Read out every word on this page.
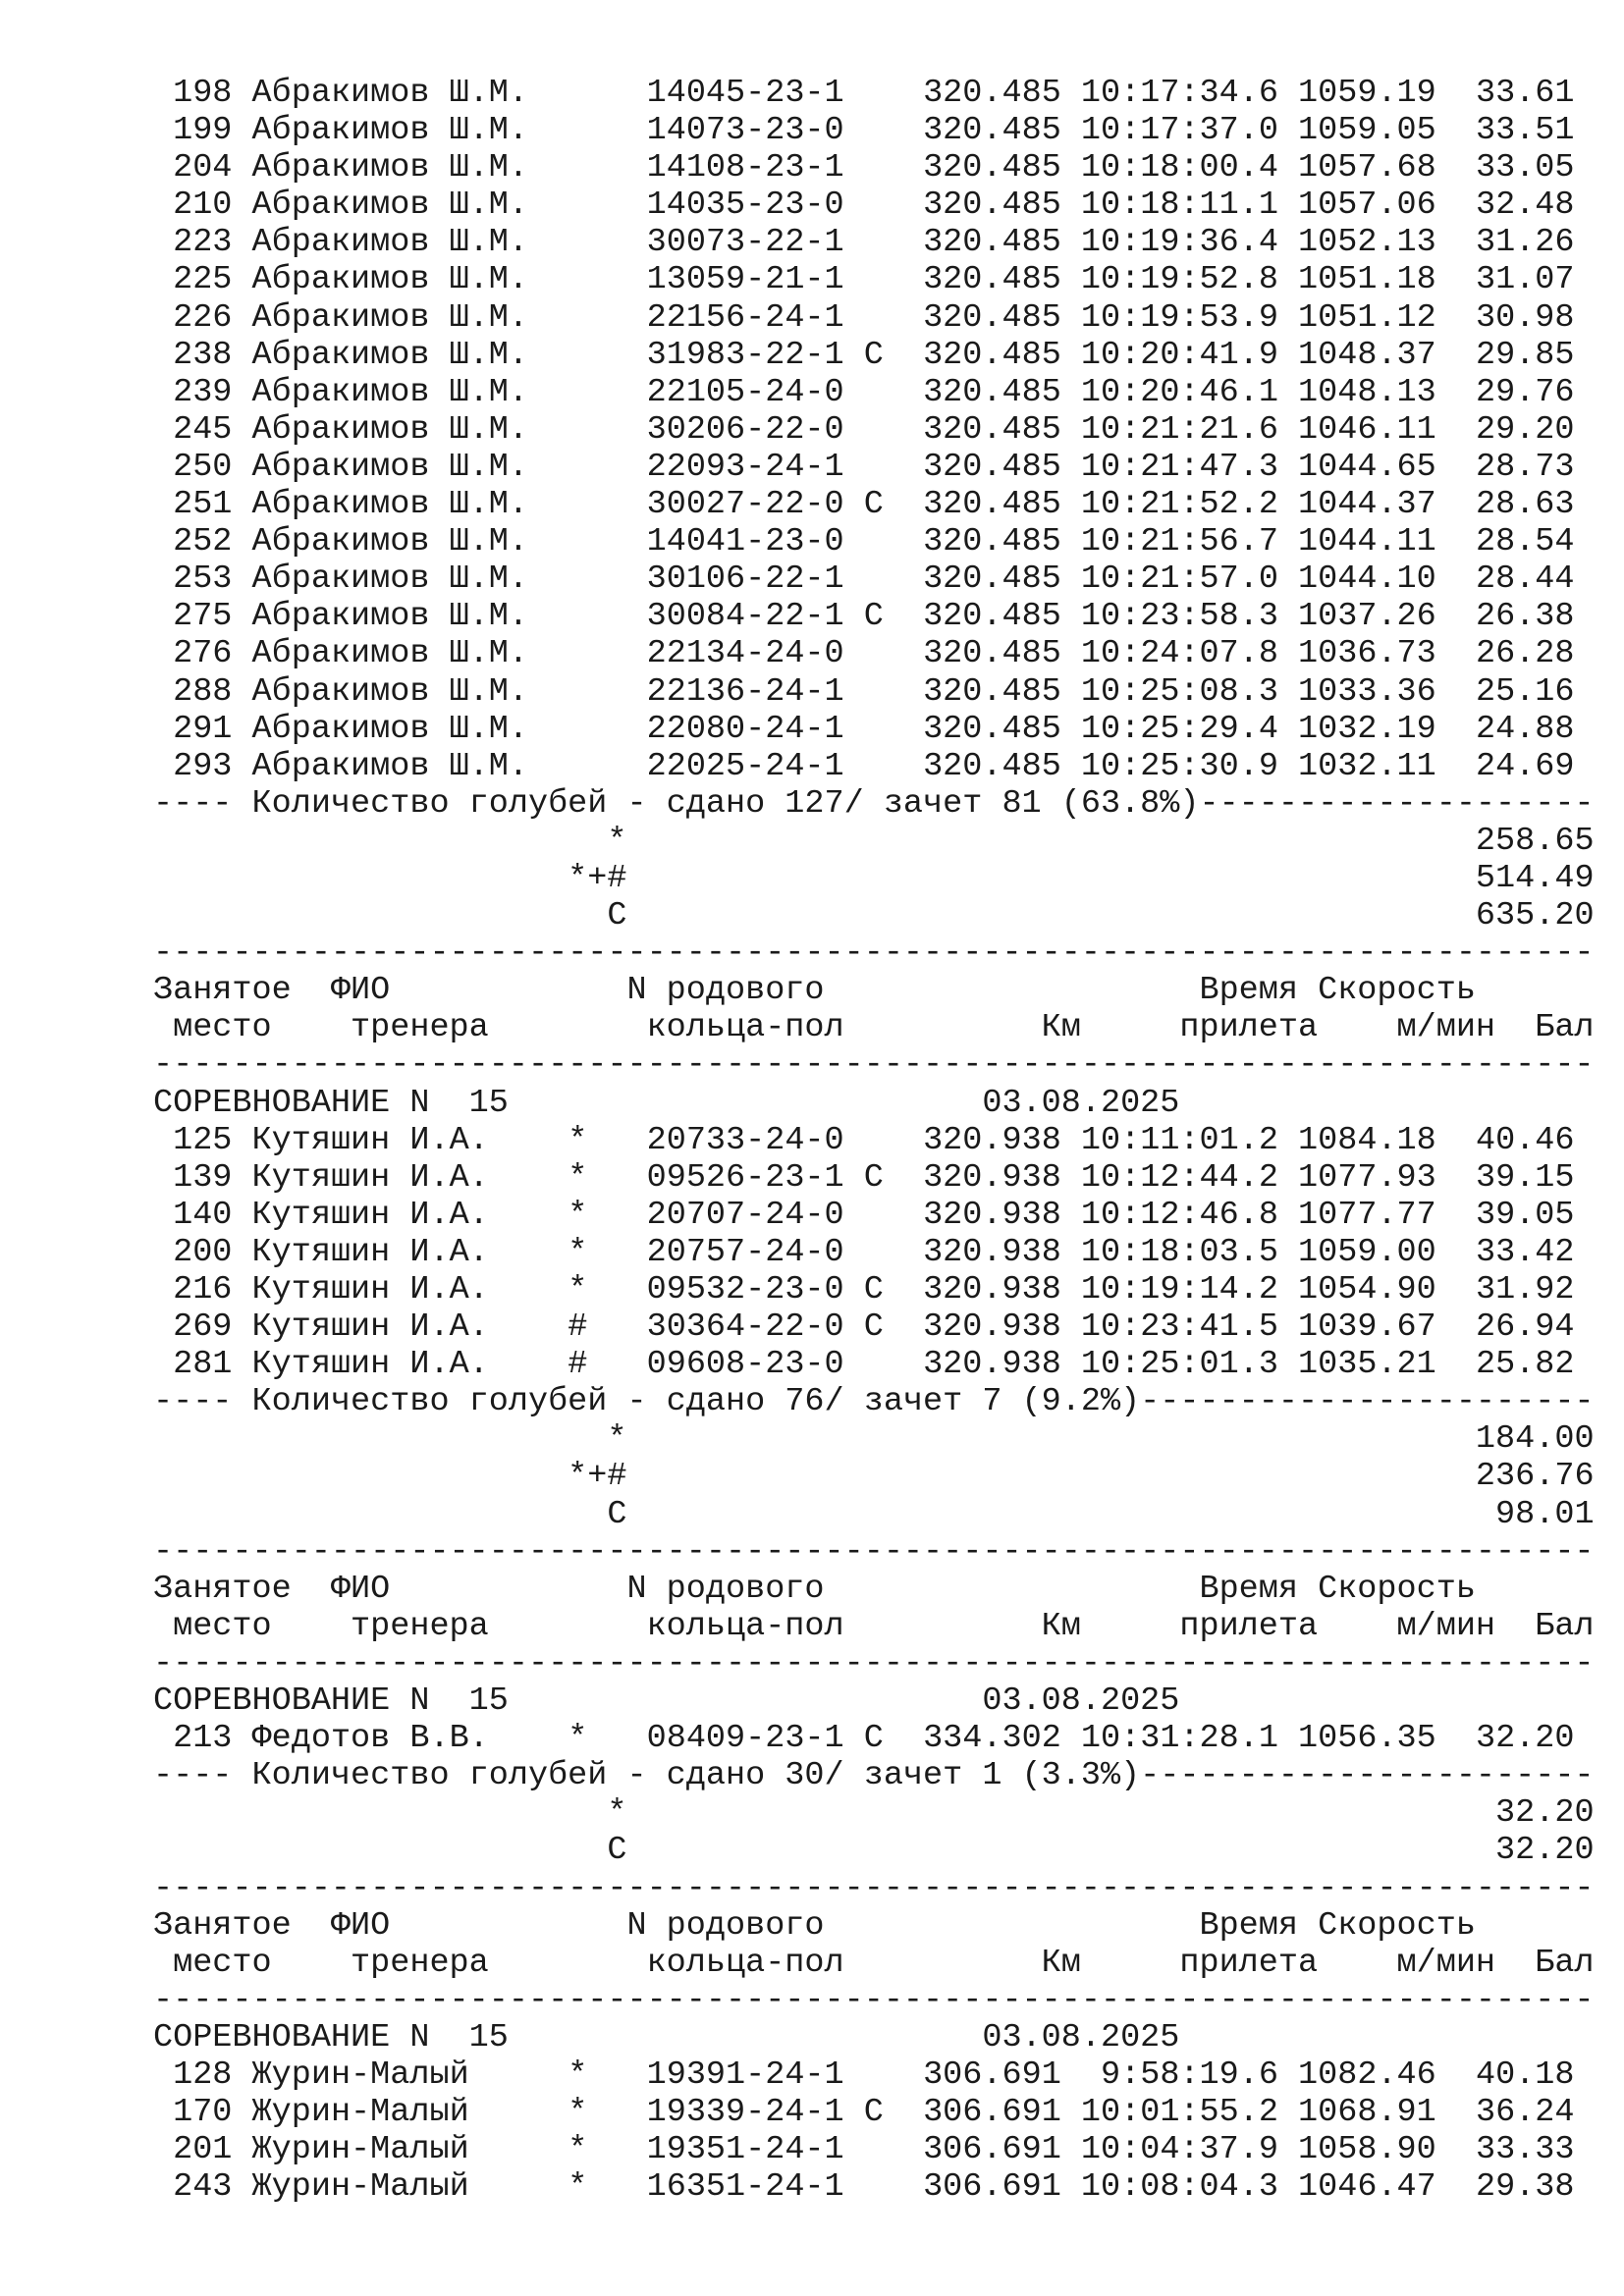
198 Абракимов Ш.М.      14045-23-1    320.485 10:17:34.6 1059.19  33.61
199 Абракимов Ш.М.      14073-23-0    320.485 10:17:37.0 1059.05  33.51
204 Абракимов Ш.М.      14108-23-1    320.485 10:18:00.4 1057.68  33.05
210 Абракимов Ш.М.      14035-23-0    320.485 10:18:11.1 1057.06  32.48
223 Абракимов Ш.М.      30073-22-1    320.485 10:19:36.4 1052.13  31.26
225 Абракимов Ш.М.      13059-21-1    320.485 10:19:52.8 1051.18  31.07
226 Абракимов Ш.М.      22156-24-1    320.485 10:19:53.9 1051.12  30.98
238 Абракимов Ш.М.      31983-22-1 C  320.485 10:20:41.9 1048.37  29.85
239 Абракимов Ш.М.      22105-24-0    320.485 10:20:46.1 1048.13  29.76
245 Абракимов Ш.М.      30206-22-0    320.485 10:21:21.6 1046.11  29.20
250 Абракимов Ш.М.      22093-24-1    320.485 10:21:47.3 1044.65  28.73
251 Абракимов Ш.М.      30027-22-0 C  320.485 10:21:52.2 1044.37  28.63
252 Абракимов Ш.М.      14041-23-0    320.485 10:21:56.7 1044.11  28.54
253 Абракимов Ш.М.      30106-22-1    320.485 10:21:57.0 1044.10  28.44
275 Абракимов Ш.М.      30084-22-1 C  320.485 10:23:58.3 1037.26  26.38
276 Абракимов Ш.М.      22134-24-0    320.485 10:24:07.8 1036.73  26.28
288 Абракимов Ш.М.      22136-24-1    320.485 10:25:08.3 1033.36  25.16
291 Абракимов Ш.М.      22080-24-1    320.485 10:25:29.4 1032.19  24.88
293 Абракимов Ш.М.      22025-24-1    320.485 10:25:30.9 1032.11  24.69
---- Количество голубей - сдано 127/ зачет 81 (63.8%)--------------------
*                                           258.65
*+#                                           514.49
C                                           635.20
-------------------------------------------------------------------------
Занятое  ФИО            N родового                   Время Скорость
место    тренера        кольца-пол          Км     прилета    м/мин  Бал
-------------------------------------------------------------------------
СОРЕВНОВАНИЕ N  15                        03.08.2025
125 Кутяшин И.А.    *   20733-24-0    320.938 10:11:01.2 1084.18  40.46
139 Кутяшин И.А.    *   09526-23-1 C  320.938 10:12:44.2 1077.93  39.15
140 Кутяшин И.А.    *   20707-24-0    320.938 10:12:46.8 1077.77  39.05
200 Кутяшин И.А.    *   20757-24-0    320.938 10:18:03.5 1059.00  33.42
216 Кутяшин И.А.    *   09532-23-0 C  320.938 10:19:14.2 1054.90  31.92
269 Кутяшин И.А.    #   30364-22-0 C  320.938 10:23:41.5 1039.67  26.94
281 Кутяшин И.А.    #   09608-23-0    320.938 10:25:01.3 1035.21  25.82
---- Количество голубей - сдано 76/ зачет 7 (9.2%)-----------------------
*                                           184.00
*+#                                           236.76
C                                            98.01
-------------------------------------------------------------------------
Занятое  ФИО            N родового                   Время Скорость
место    тренера        кольца-пол          Км     прилета    м/мин  Бал
-------------------------------------------------------------------------
СОРЕВНОВАНИЕ N  15                        03.08.2025
213 Федотов В.В.    *   08409-23-1 C  334.302 10:31:28.1 1056.35  32.20
---- Количество голубей - сдано 30/ зачет 1 (3.3%)-----------------------
*                                            32.20
C                                            32.20
-------------------------------------------------------------------------
Занятое  ФИО            N родового                   Время Скорость
место    тренера        кольца-пол          Км     прилета    м/мин  Бал
-------------------------------------------------------------------------
СОРЕВНОВАНИЕ N  15                        03.08.2025
128 Журин-Малый     *   19391-24-1    306.691  9:58:19.6 1082.46  40.18
170 Журин-Малый     *   19339-24-1 C  306.691 10:01:55.2 1068.91  36.24
201 Журин-Малый     *   19351-24-1    306.691 10:04:37.9 1058.90  33.33
243 Журин-Малый     *   16351-24-1    306.691 10:08:04.3 1046.47  29.38
